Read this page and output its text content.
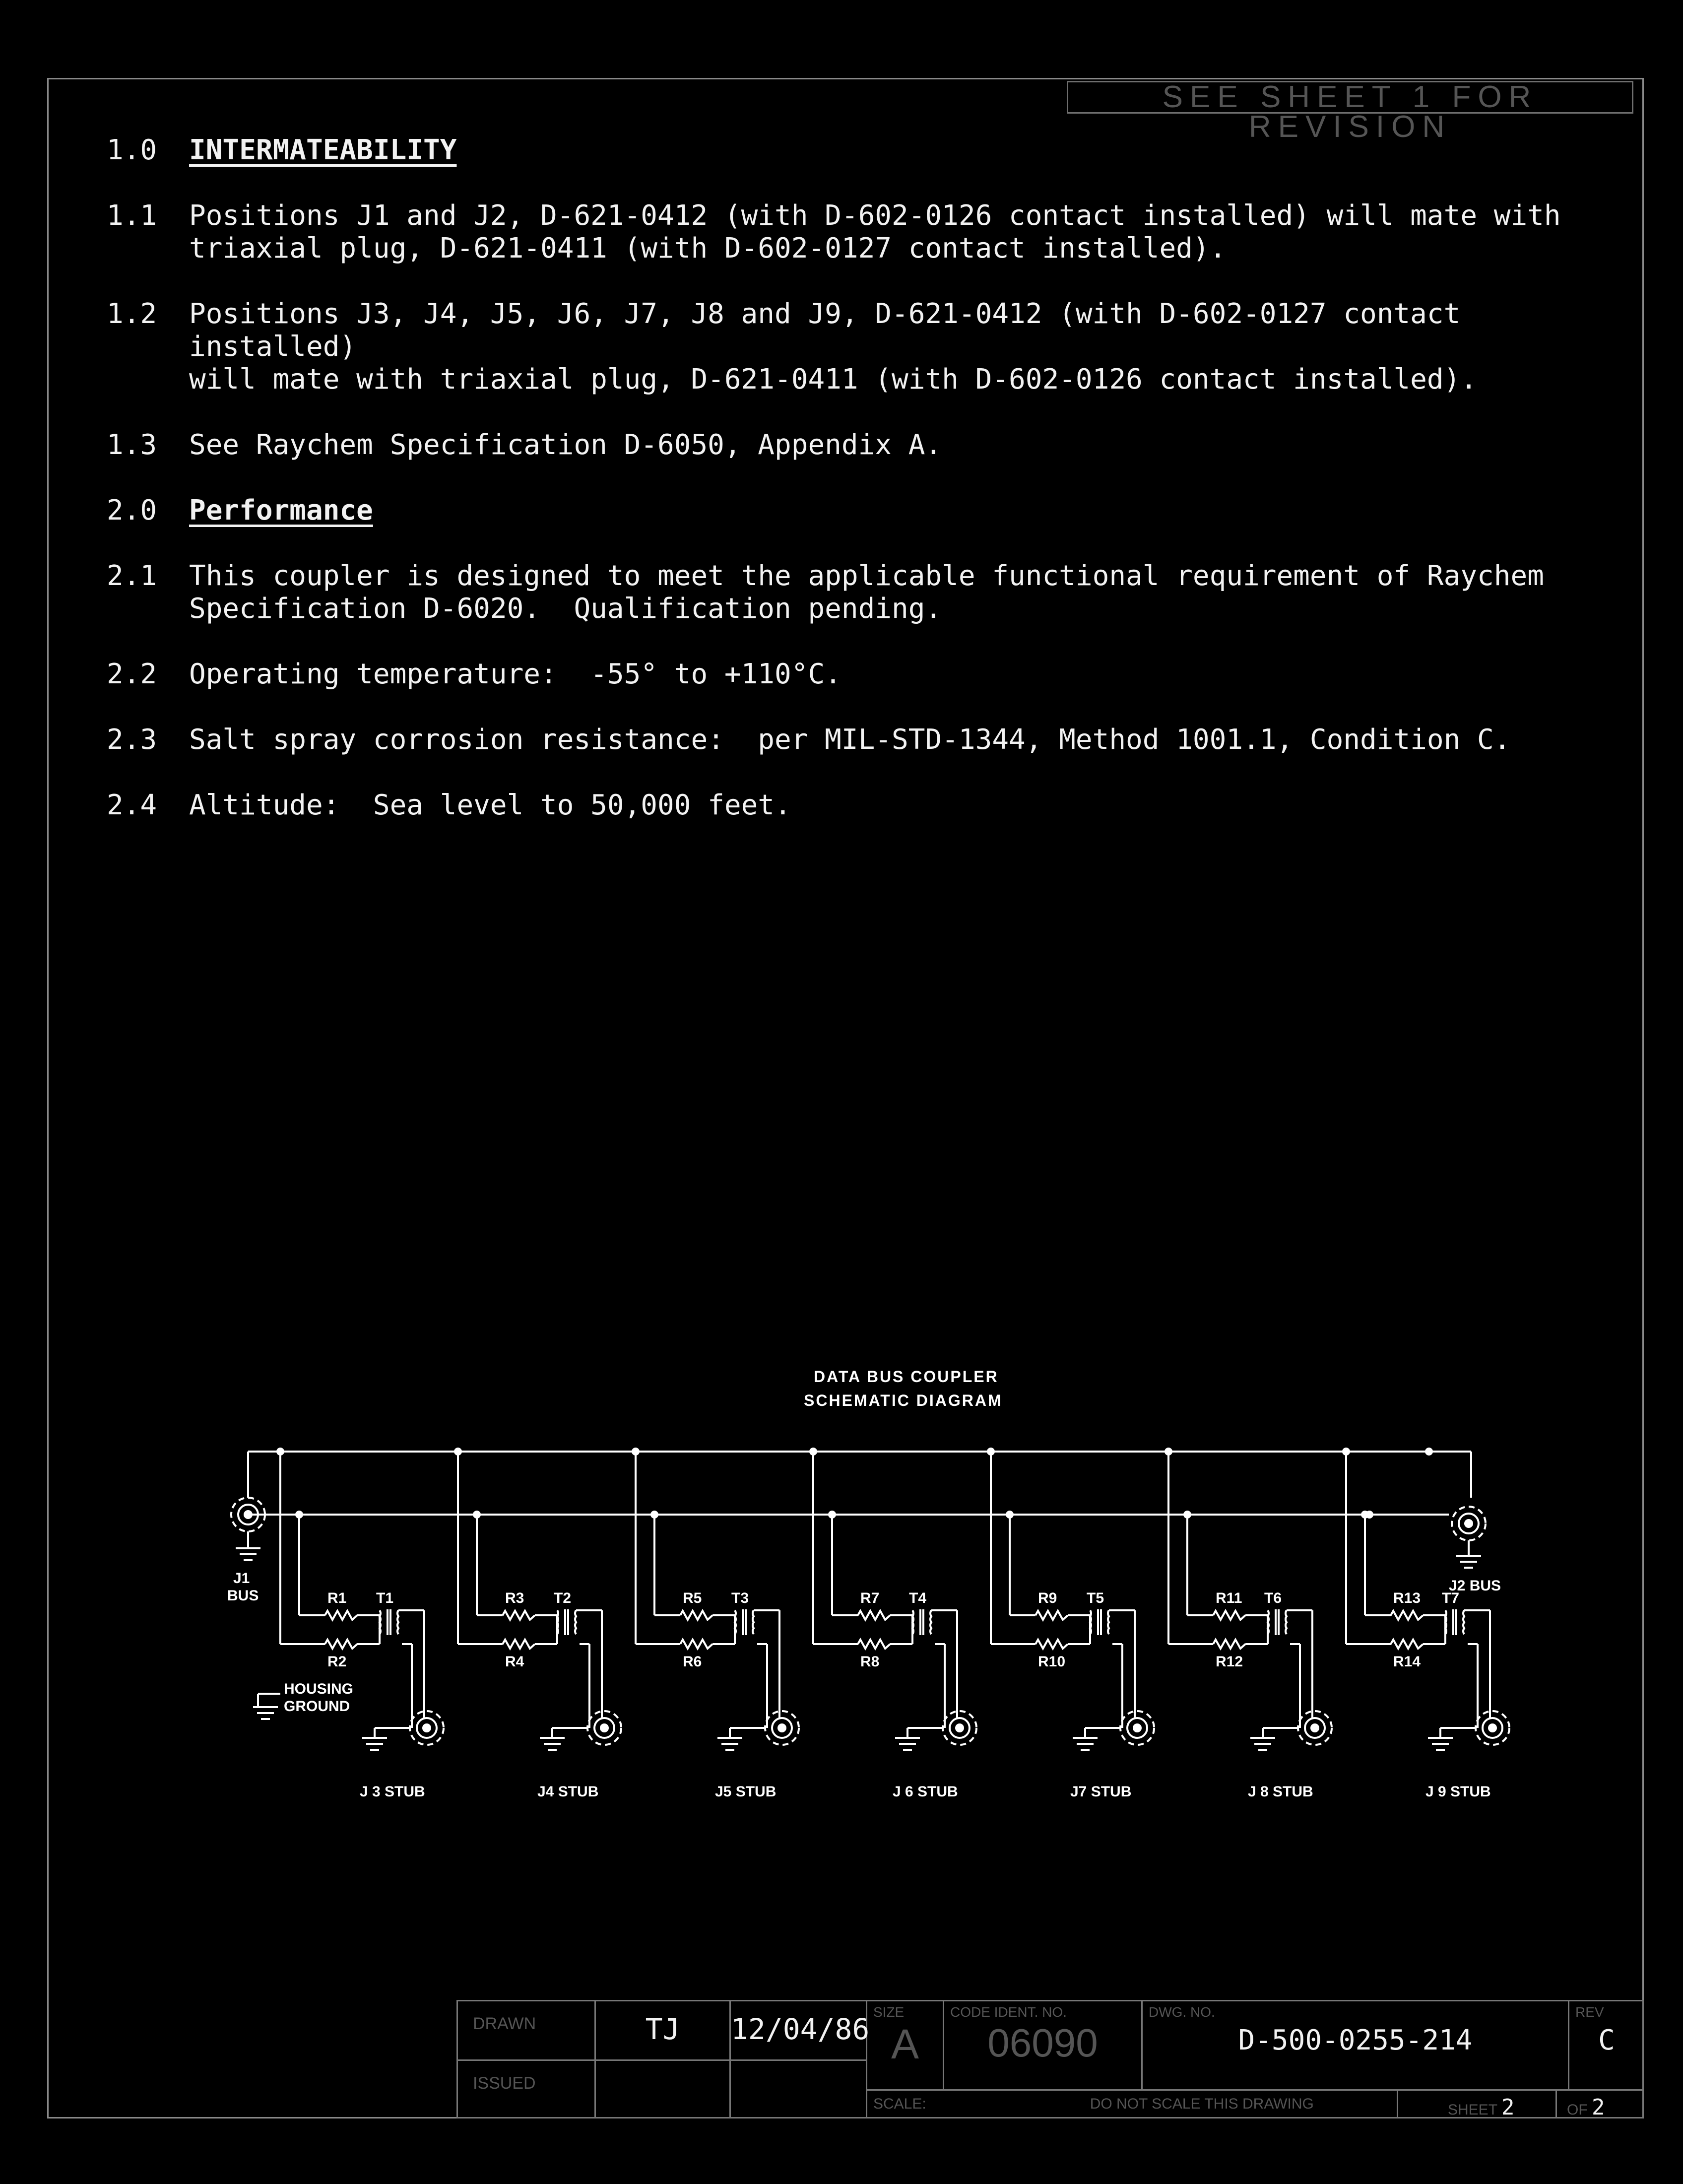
SEE SHEET 1 FOR REVISION
1.0	INTERMATEABILITY
1.1	Positions J1 and J2, D-621-0412 (with D-602-0126 contact installed) will mate with
triaxial plug, D-621-0411 (with D-602-0127 contact installed).
1.2	Positions J3, J4, J5, J6, J7, J8 and J9, D-621-0412 (with D-602-0127 contact installed)
will mate with triaxial plug, D-621-0411 (with D-602-0126 contact installed).
1.3	See Raychem Specification D-6050, Appendix A.
2.0	Performance
2.1	This coupler is designed to meet the applicable functional requirement of Raychem
Specification D-6020.  Qualification pending.
2.2	Operating temperature:  -55° to +110°C.
2.3	Salt spray corrosion resistance:  per MIL-STD-1344, Method 1001.1, Condition C.
2.4	Altitude:  Sea level to 50,000 feet.
DATA BUS COUPLER
SCHEMATIC DIAGRAM
J1
BUS
J2 BUS
HOUSING
GROUND
R1
R2
T1
J 3 STUB
R3
R4
T2
J4 STUB
R5
R6
T3
J5 STUB
R7
R8
T4
J 6 STUB
R9
R10
T5
J7 STUB
R11
R12
T6
J 8 STUB
R13
R14
T7
J 9 STUB
DRAWN	TJ	12/04/86
ISSUED
SIZE
A
CODE IDENT. NO.
06090
DWG. NO.
D-500-0255-214
REV
C
SCALE:	DO NOT SCALE THIS DRAWING	SHEET 2	OF 2
